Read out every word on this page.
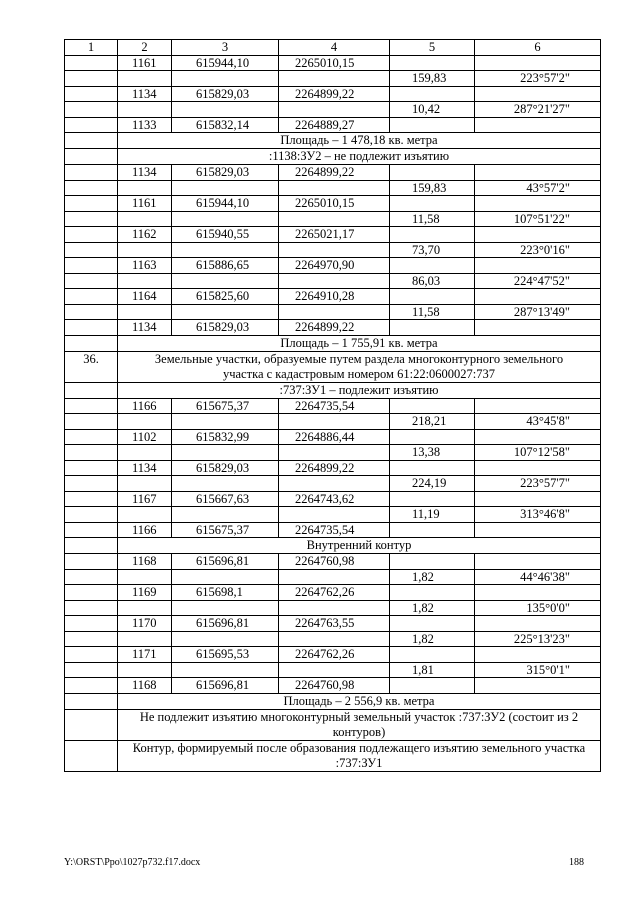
1	2	3	4	5	6
	1161	615944,10	2265010,15		
				159,83	223°57'2"
	1134	615829,03	2264899,22		
				10,42	287°21'27"
	1133	615832,14	2264889,27		
	Площадь – 1 478,18 кв. метра				
	:1138:ЗУ2 – не подлежит изъятию				
	1134	615829,03	2264899,22		
				159,83	43°57'2"
	1161	615944,10	2265010,15		
				11,58	107°51'22"
	1162	615940,55	2265021,17		
				73,70	223°0'16"
	1163	615886,65	2264970,90		
				86,03	224°47'52"
	1164	615825,60	2264910,28		
				11,58	287°13'49"
	1134	615829,03	2264899,22		
	Площадь – 1 755,91 кв. метра				
36.	Земельные участки, образуемые путем раздела многоконтурного земельного участка с кадастровым номером 61:22:0600027:737				
	:737:ЗУ1 – подлежит изъятию				
	1166	615675,37	2264735,54		
				218,21	43°45'8"
	1102	615832,99	2264886,44		
				13,38	107°12'58"
	1134	615829,03	2264899,22		
				224,19	223°57'7"
	1167	615667,63	2264743,62		
				11,19	313°46'8"
	1166	615675,37	2264735,54		
	Внутренний контур				
	1168	615696,81	2264760,98		
				1,82	44°46'38"
	1169	615698,1	2264762,26		
				1,82	135°0'0"
	1170	615696,81	2264763,55		
				1,82	225°13'23"
	1171	615695,53	2264762,26		
				1,81	315°0'1"
	1168	615696,81	2264760,98		
	Площадь – 2 556,9 кв. метра				
	Не подлежит изъятию многоконтурный земельный участок :737:ЗУ2 (состоит из 2 контуров)				
	Контур, формируемый после образования подлежащего изъятию земельного участка :737:ЗУ1				
Y:\ORST\Ppo\1027p732.f17.docx	188
